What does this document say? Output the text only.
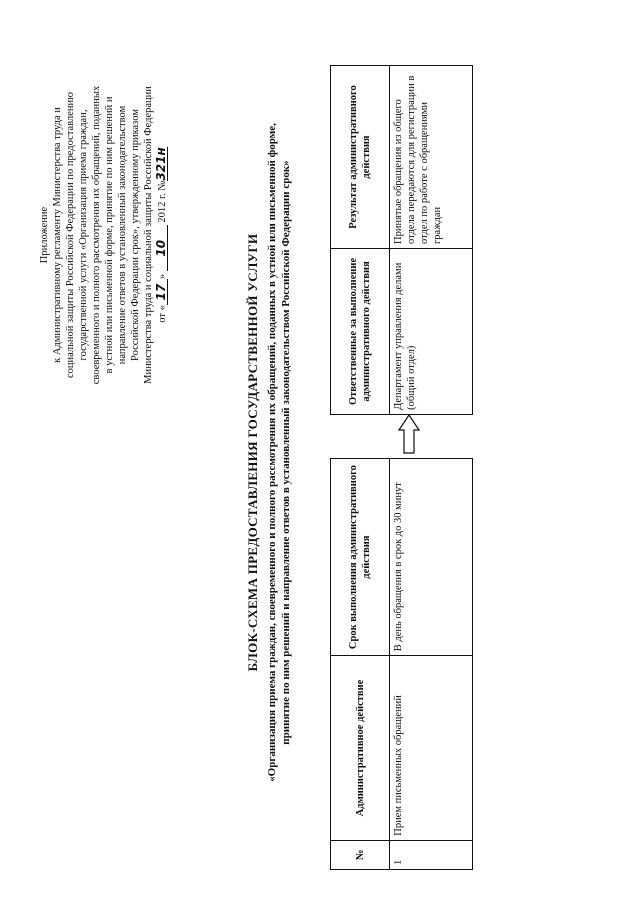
Приложение к Административному регламенту Министерства труда и социальной защиты Российской Федерации по предоставлению государственной услуги «Организация приема граждан, своевременного и полного рассмотрения их обращений, поданных в устной или письменной форме, принятие по ним решений и направление ответов в установленный законодательством Российской Федерации срок», утвержденному приказом Министерства труда и социальной защиты Российской Федерации от «17» 10 2012 г. №321н
БЛОК-СХЕМА ПРЕДОСТАВЛЕНИЯ ГОСУДАРСТВЕННОЙ УСЛУГИ «Организация приема граждан, своевременного и полного рассмотрения их обращений, поданных в устной или письменной форме, принятие по ним решений и направление ответов в установленный законодательством Российской Федерации срок»
№	Административное действие	Срок выполнения административного действия		Ответственные за выполнение административного действия	Результат административного действия
1	Прием письменных обращений	В день обращения в срок до 30 минут		Департамент управления делами (общий отдел)	Принятые обращения из общего отдела передаются для регистрации в отдел по работе с обращениями граждан
